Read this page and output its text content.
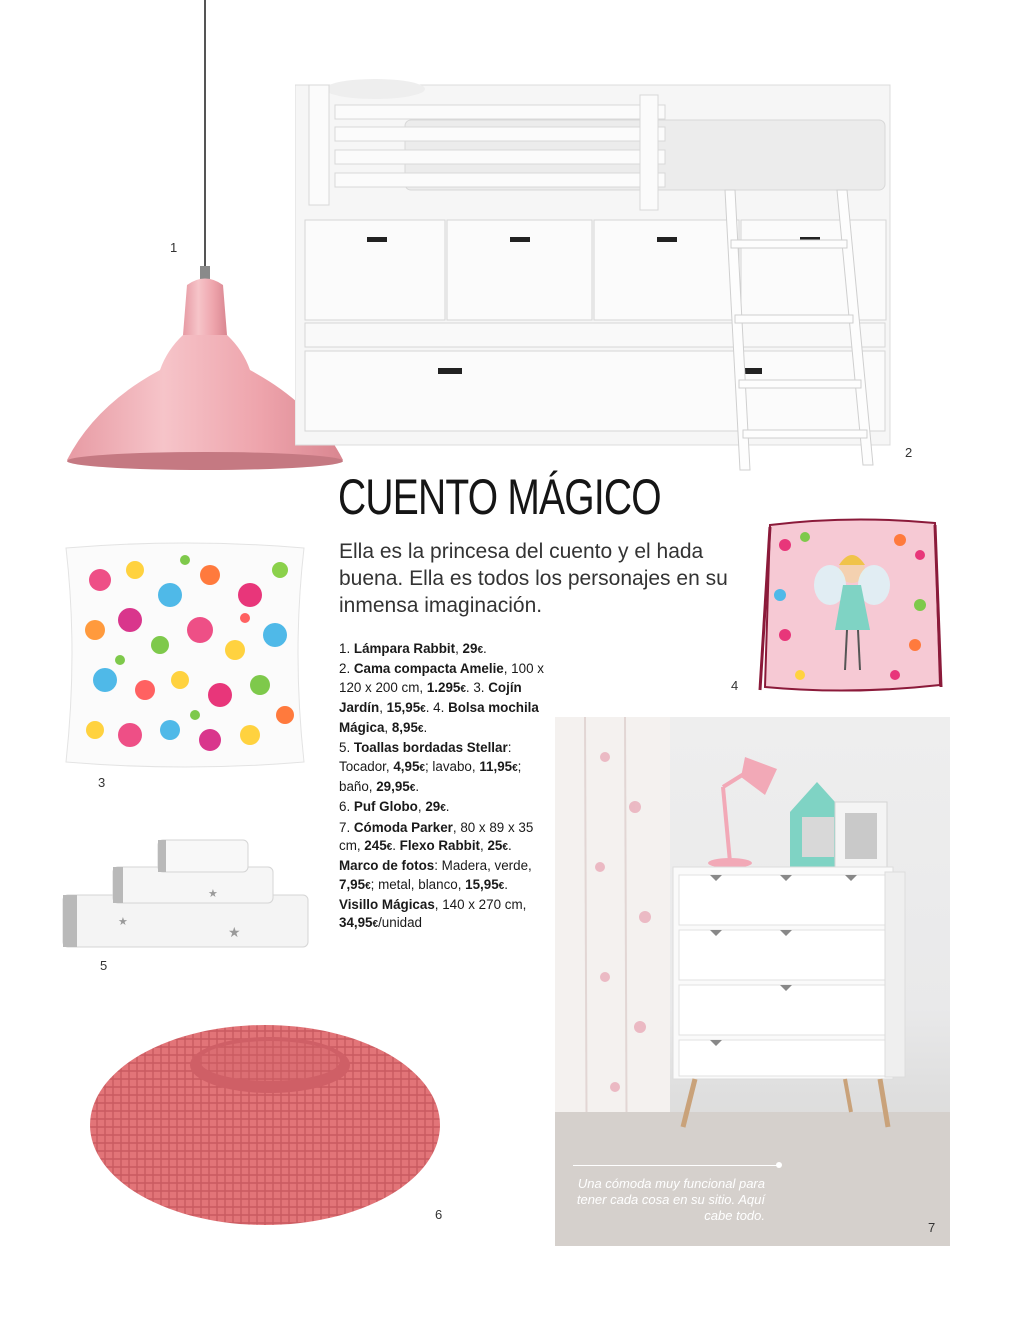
1
2
CUENTO MÁGICO
Ella es la princesa del cuento y el hada buena. Ella es todos los personajes en su inmensa imaginación.
3
4
1. Lámpara Rabbit, 29€.
2. Cama compacta Amelie, 100 x 120 x 200 cm, 1.295€. 3. Cojín Jardín, 15,95€. 4. Bolsa mochila Mágica, 8,95€.
5. Toallas bordadas Stellar: Tocador, 4,95€; lavabo, 11,95€; baño, 29,95€.
6. Puf Globo, 29€.
7. Cómoda Parker, 80 x 89 x 35 cm, 245€. Flexo Rabbit, 25€. Marco de fotos: Madera, verde, 7,95€; metal, blanco, 15,95€. Visillo Mágicas, 140 x 270 cm, 34,95€/unidad
★
★
★
5
6
Una cómoda muy funcional para tener cada cosa en su sitio. Aquí cabe todo.
7
